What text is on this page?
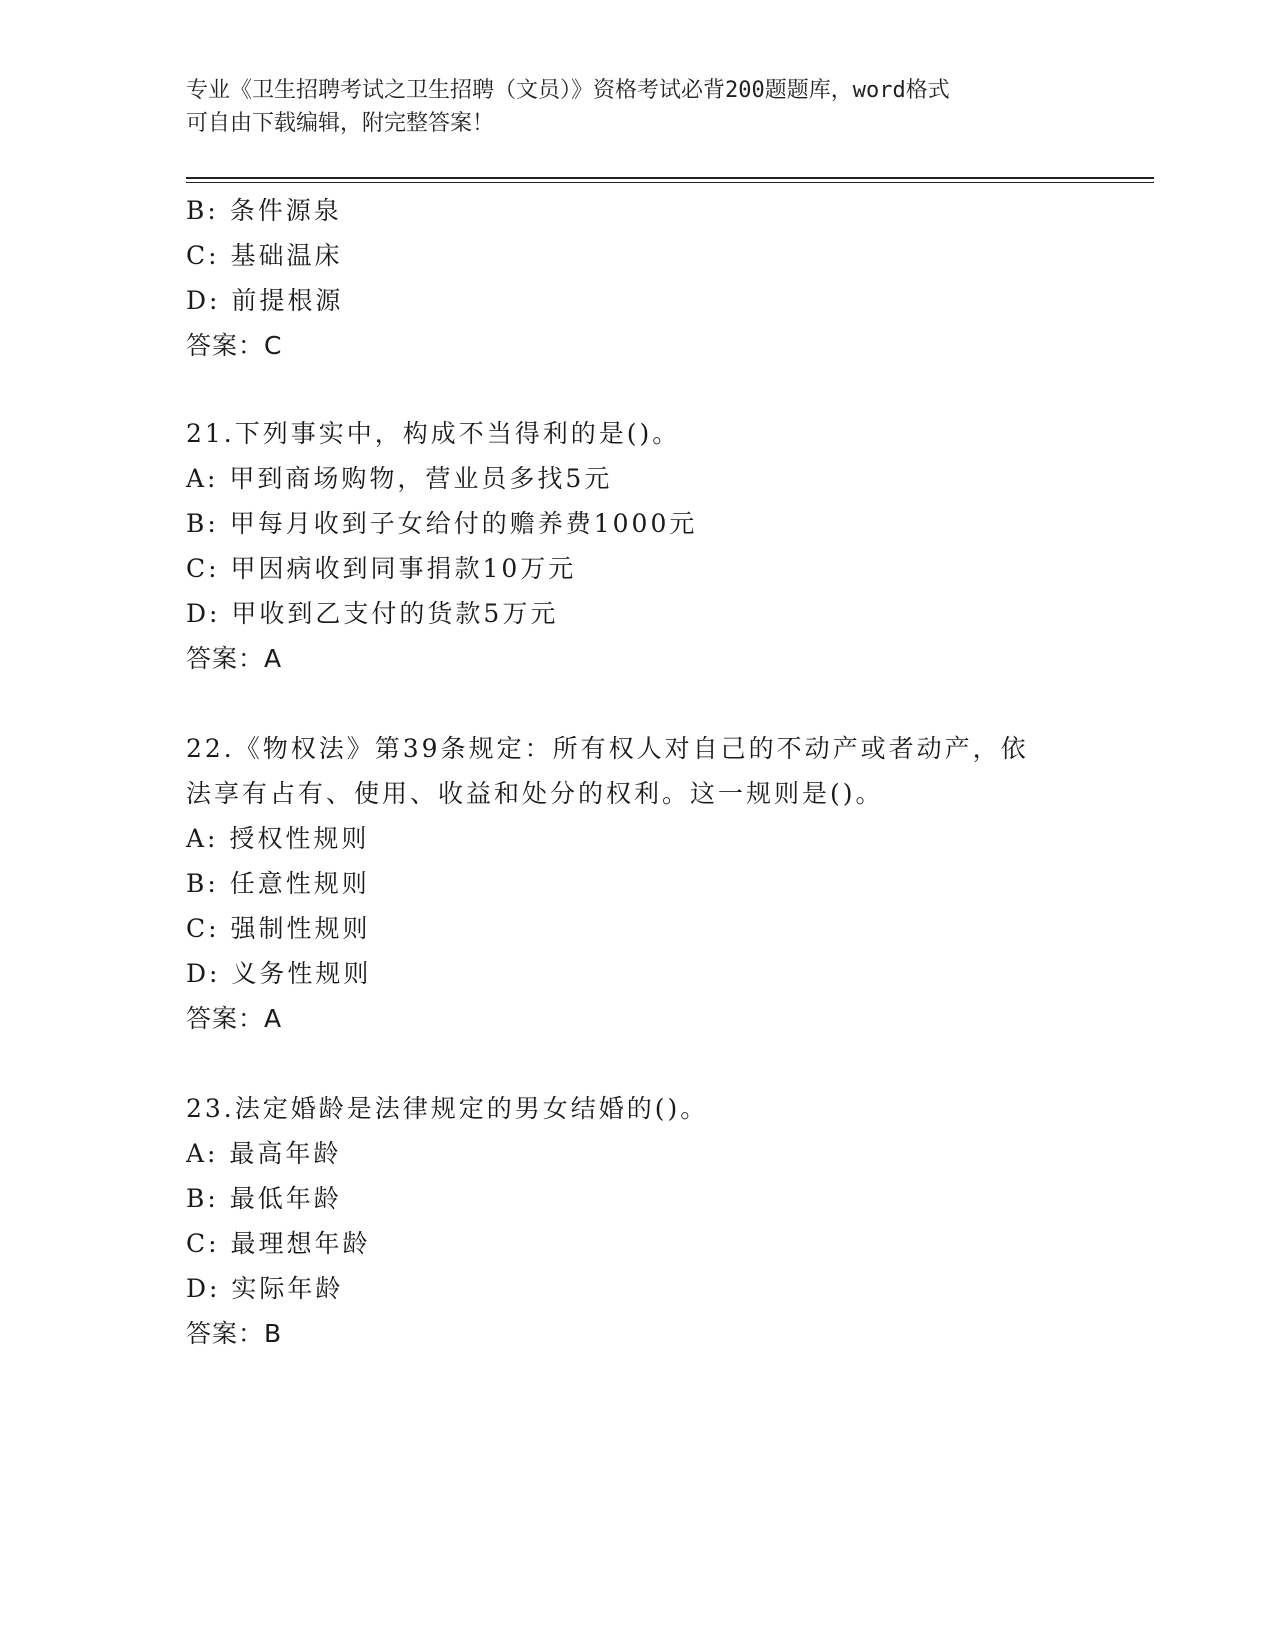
专业《卫生招聘考试之卫生招聘（文员）》资格考试必背200题题库，word格式
可自由下载编辑，附完整答案！
B: 条件源泉
C: 基础温床
D: 前提根源
答案：C
21.下列事实中，构成不当得利的是()。
A: 甲到商场购物，营业员多找5元
B: 甲每月收到子女给付的赡养费1000元
C: 甲因病收到同事捐款10万元
D: 甲收到乙支付的货款5万元
答案：A
22.《物权法》第39条规定：所有权人对自己的不动产或者动产，依
法享有占有、使用、收益和处分的权利。这一规则是()。
A: 授权性规则
B: 任意性规则
C: 强制性规则
D: 义务性规则
答案：A
23.法定婚龄是法律规定的男女结婚的()。
A: 最高年龄
B: 最低年龄
C: 最理想年龄
D: 实际年龄
答案：B
